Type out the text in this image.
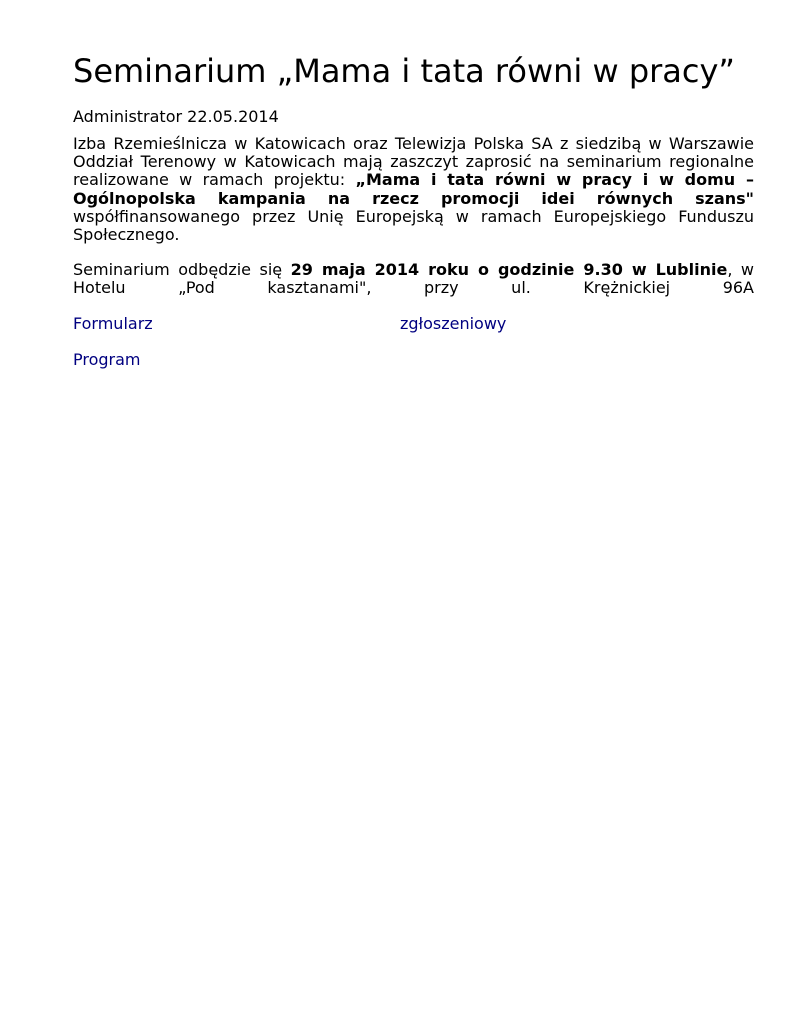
Seminarium „Mama i tata równi w pracy”
Administrator 22.05.2014

Izba Rzemieślnicza w Katowicach oraz Telewizja Polska SA z siedzibą w Warszawie Oddział Terenowy w Katowicach mają zaszczyt zaprosić na seminarium regionalne realizowane w ramach projektu: „Mama i tata równi w pracy i w domu – Ogólnopolska kampania na rzecz promocji idei równych szans" współfinansowanego przez Unię Europejską w ramach Europejskiego Funduszu Społecznego.

Seminarium odbędzie się 29 maja 2014 roku o godzinie 9.30 w Lublinie, w Hotelu „Pod kasztanami", przy ul. Krężnickiej 96A

Formularz	zgłoszeniowy
Program
